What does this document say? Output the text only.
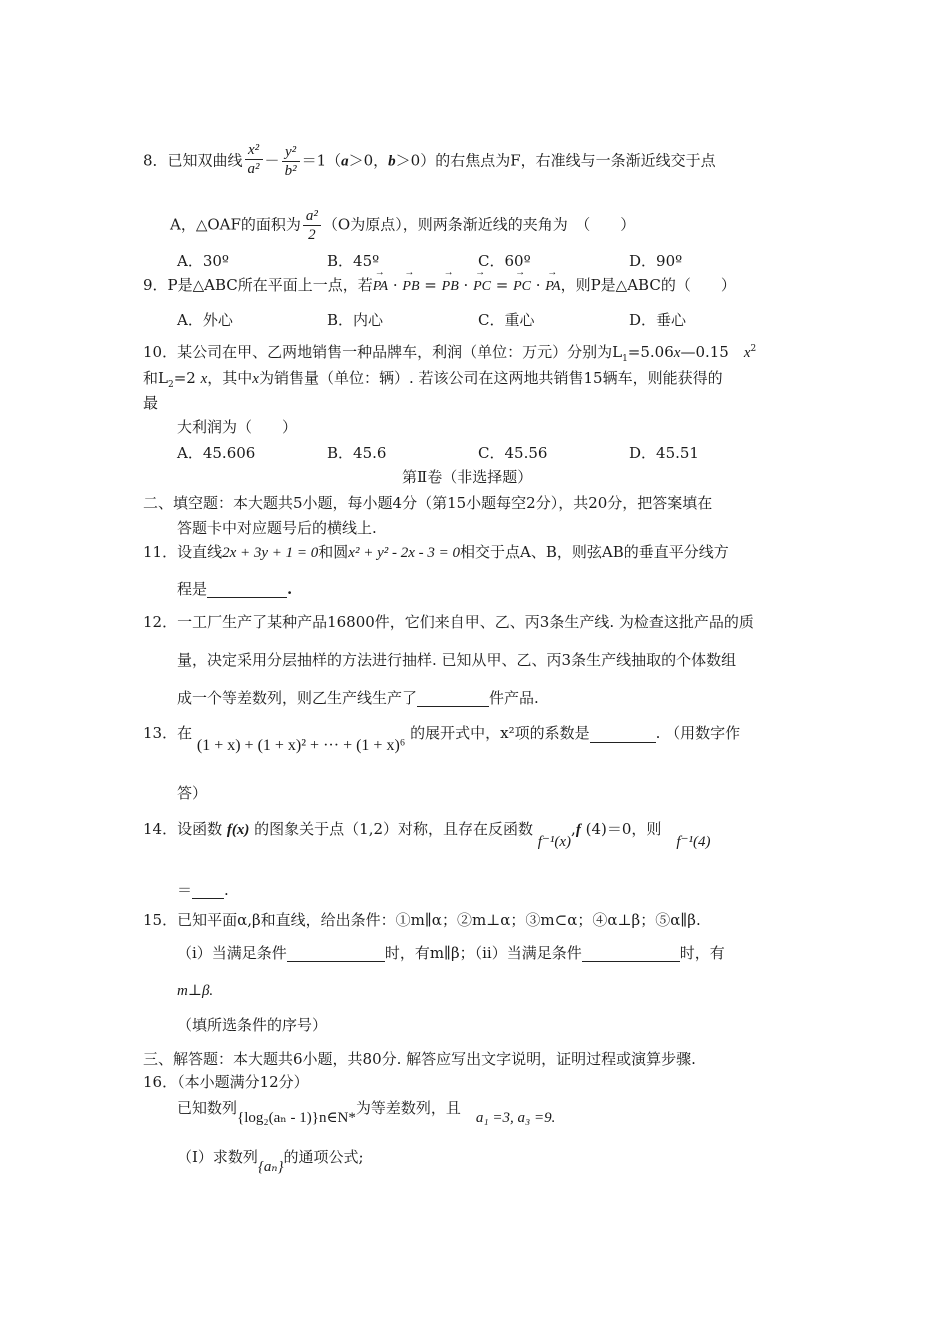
8．已知双曲线 $\frac{\text{x²}}{\text{a²}} - \frac{\text{y²}}{\text{b²}} =1(a>0$，b＞0）的右焦点为F，右准线与一条渐近线交于点
A，△OAF的面积为 $\frac{\text{a²}}{2} (O$为原点），则两条渐近线的夹角为　（　　）
A．30º	B．45º	C．60º	D．90º
9．P是△ABC所在平面上一点，若→ PA · → PB = → PB · → PC = → PC · → PA，则P是△ABC的（　　）
A．外心	B．内心	C．重心	D．垂心
10．某公司在甲、乙两地销售一种品牌车，利润（单位：万元）分别为$L_1=5.06x—0.15$　 $x^2$
和$L_2=2$ x，其中x为销售量（单位：辆）. 若该公司在这两地共销售15辆车，则能获得的
最
大利润为（　　）
A．45.606	B．45.6	C．45.56	D．45.51
第Ⅱ卷（非选择题）
二、填空题：本大题共5小题，每小题4分（第15小题每空2分），共20分，把答案填在
答题卡中对应题号后的横线上.
11．设直线2x + 3y + 1 = 0和圆x² + y² - 2x - 3 = 0相交于点A、B，则弦AB的垂直平分线方
程是	.
12．一工厂生产了某种产品16800件，它们来自甲、乙、丙3条生产线. 为检查这批产品的质
量，决定采用分层抽样的方法进行抽样. 已知从甲、乙、丙3条生产线抽取的个体数组
成一个等差数列，则乙生产线生产了	件产品.
13．在 (1 + x) + (1 + x)² + ··· + (1 + x)⁶ 的展开式中，x²项的系数是	. （用数字作
答）
14．设函数 f(x) 的图象关于点（1,2）对称，且存在反函数 f⁻¹(x),f (4)＝0，则　f⁻¹(4)
＝ .
15．已知平面α,β和直线，给出条件：①m∥α；②m⊥α；③m⊂α；④α⊥β；⑤α∥β.
（i）当满足条件	时，有m∥β；（ii）当满足条件	时，有
m⊥β.
（填所选条件的序号）
三、解答题：本大题共6小题，共80分. 解答应写出文字说明，证明过程或演算步骤.
16．（本小题满分12分）
已知数列{log₂(aₙ - 1)}n∈N*为等差数列，且　a₁ =3, a₃ =9.
（Ⅰ）求数列{aₙ}的通项公式;
